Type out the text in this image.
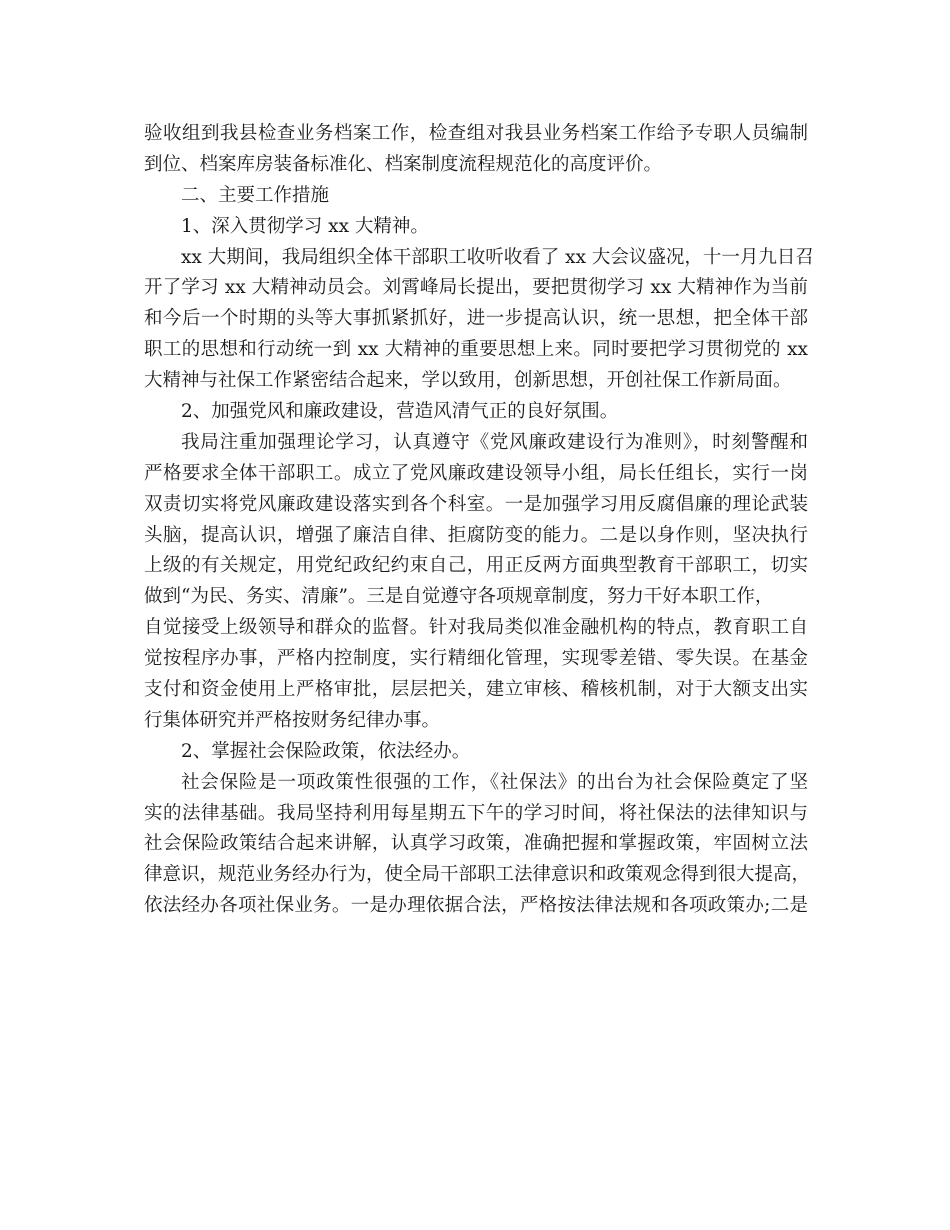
验收组到我县检查业务档案工作，检查组对我县业务档案工作给予专职人员编制
到位、档案库房装备标准化、档案制度流程规范化的高度评价。
二、主要工作措施
1、深入贯彻学习 xx 大精神。
xx 大期间，我局组织全体干部职工收听收看了 xx 大会议盛况，十一月九日召
开了学习 xx 大精神动员会。刘霄峰局长提出，要把贯彻学习 xx 大精神作为当前
和今后一个时期的头等大事抓紧抓好，进一步提高认识，统一思想，把全体干部
职工的思想和行动统一到 xx 大精神的重要思想上来。同时要把学习贯彻党的 xx
大精神与社保工作紧密结合起来，学以致用，创新思想，开创社保工作新局面。
2、加强党风和廉政建设，营造风清气正的良好氛围。
我局注重加强理论学习，认真遵守《党风廉政建设行为准则》，时刻警醒和
严格要求全体干部职工。成立了党风廉政建设领导小组，局长任组长，实行一岗
双责切实将党风廉政建设落实到各个科室。一是加强学习用反腐倡廉的理论武装
头脑，提高认识，增强了廉洁自律、拒腐防变的能力。二是以身作则，坚决执行
上级的有关规定，用党纪政纪约束自己，用正反两方面典型教育干部职工，切实
做到“为民、务实、清廉”。三是自觉遵守各项规章制度，努力干好本职工作，
自觉接受上级领导和群众的监督。针对我局类似准金融机构的特点，教育职工自
觉按程序办事，严格内控制度，实行精细化管理，实现零差错、零失误。在基金
支付和资金使用上严格审批，层层把关，建立审核、稽核机制，对于大额支出实
行集体研究并严格按财务纪律办事。
2、掌握社会保险政策，依法经办。
社会保险是一项政策性很强的工作，《社保法》的出台为社会保险奠定了坚
实的法律基础。我局坚持利用每星期五下午的学习时间，将社保法的法律知识与
社会保险政策结合起来讲解，认真学习政策，准确把握和掌握政策，牢固树立法
律意识，规范业务经办行为，使全局干部职工法律意识和政策观念得到很大提高，
依法经办各项社保业务。一是办理依据合法，严格按法律法规和各项政策办;二是
